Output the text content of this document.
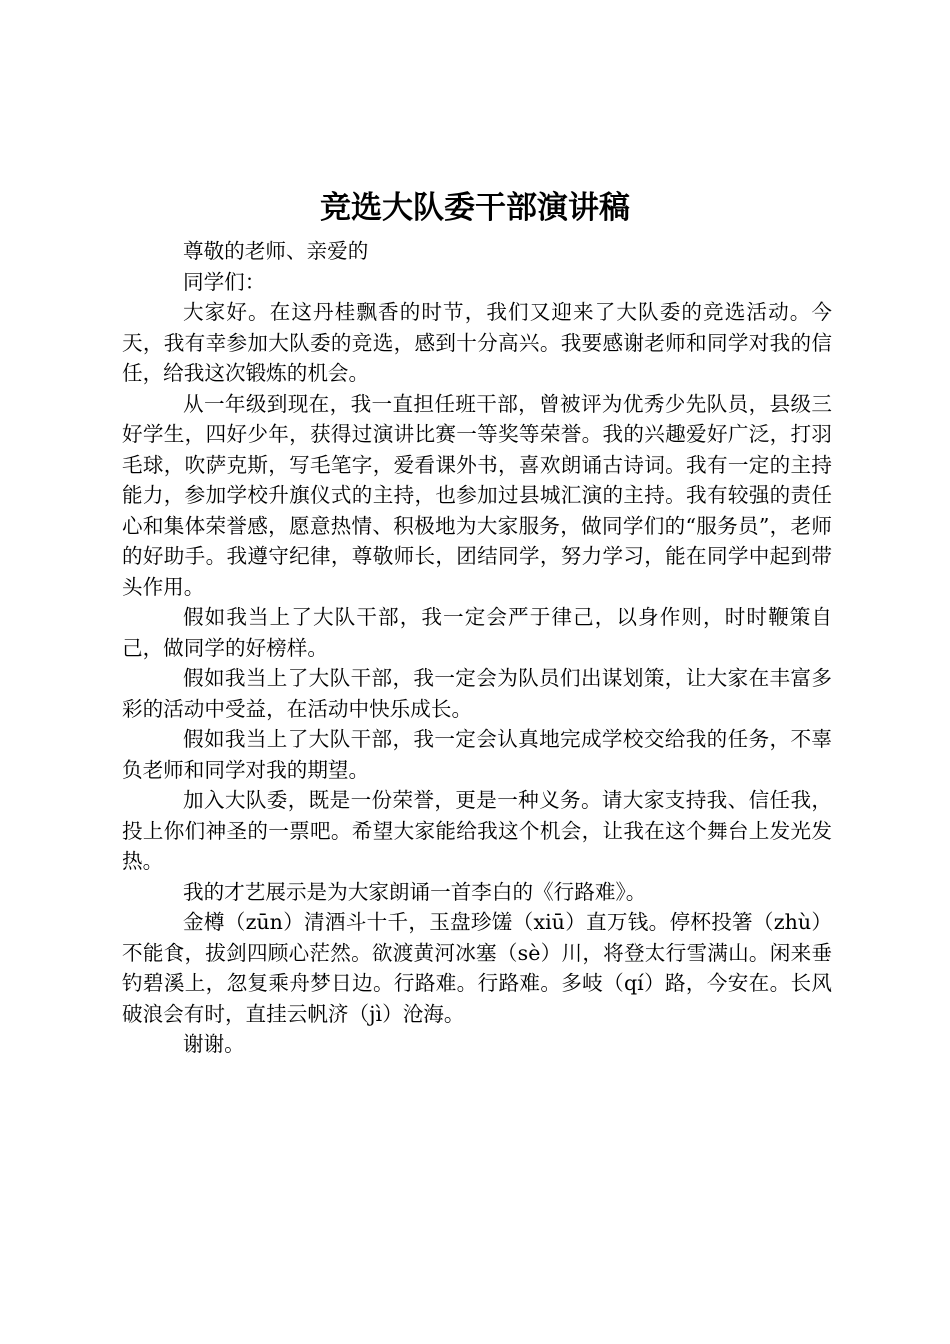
竞选大队委干部演讲稿

尊敬的老师、亲爱的

同学们：

大家好。在这丹桂飘香的时节，我们又迎来了大队委的竞选活动。今天，我有幸参加大队委的竞选，感到十分高兴。我要感谢老师和同学对我的信任，给我这次锻炼的机会。

从一年级到现在，我一直担任班干部，曾被评为优秀少先队员，县级三好学生，四好少年，获得过演讲比赛一等奖等荣誉。我的兴趣爱好广泛，打羽毛球，吹萨克斯，写毛笔字，爱看课外书，喜欢朗诵古诗词。我有一定的主持能力，参加学校升旗仪式的主持，也参加过县城汇演的主持。我有较强的责任心和集体荣誉感，愿意热情、积极地为大家服务，做同学们的“服务员”，老师的好助手。我遵守纪律，尊敬师长，团结同学，努力学习，能在同学中起到带头作用。

假如我当上了大队干部，我一定会严于律己，以身作则，时时鞭策自己，做同学的好榜样。

假如我当上了大队干部，我一定会为队员们出谋划策，让大家在丰富多彩的活动中受益，在活动中快乐成长。

假如我当上了大队干部，我一定会认真地完成学校交给我的任务，不辜负老师和同学对我的期望。

加入大队委，既是一份荣誉，更是一种义务。请大家支持我、信任我，投上你们神圣的一票吧。希望大家能给我这个机会，让我在这个舞台上发光发热。

我的才艺展示是为大家朗诵一首李白的《行路难》。

金樽（zūn）清酒斗十千，玉盘珍馐（xiū）直万钱。停杯投箸（zhù）不能食，拔剑四顾心茫然。欲渡黄河冰塞（sè）川，将登太行雪满山。闲来垂钓碧溪上，忽复乘舟梦日边。行路难。行路难。多岐（qí）路，今安在。长风破浪会有时，直挂云帆济（jì）沧海。

谢谢。
